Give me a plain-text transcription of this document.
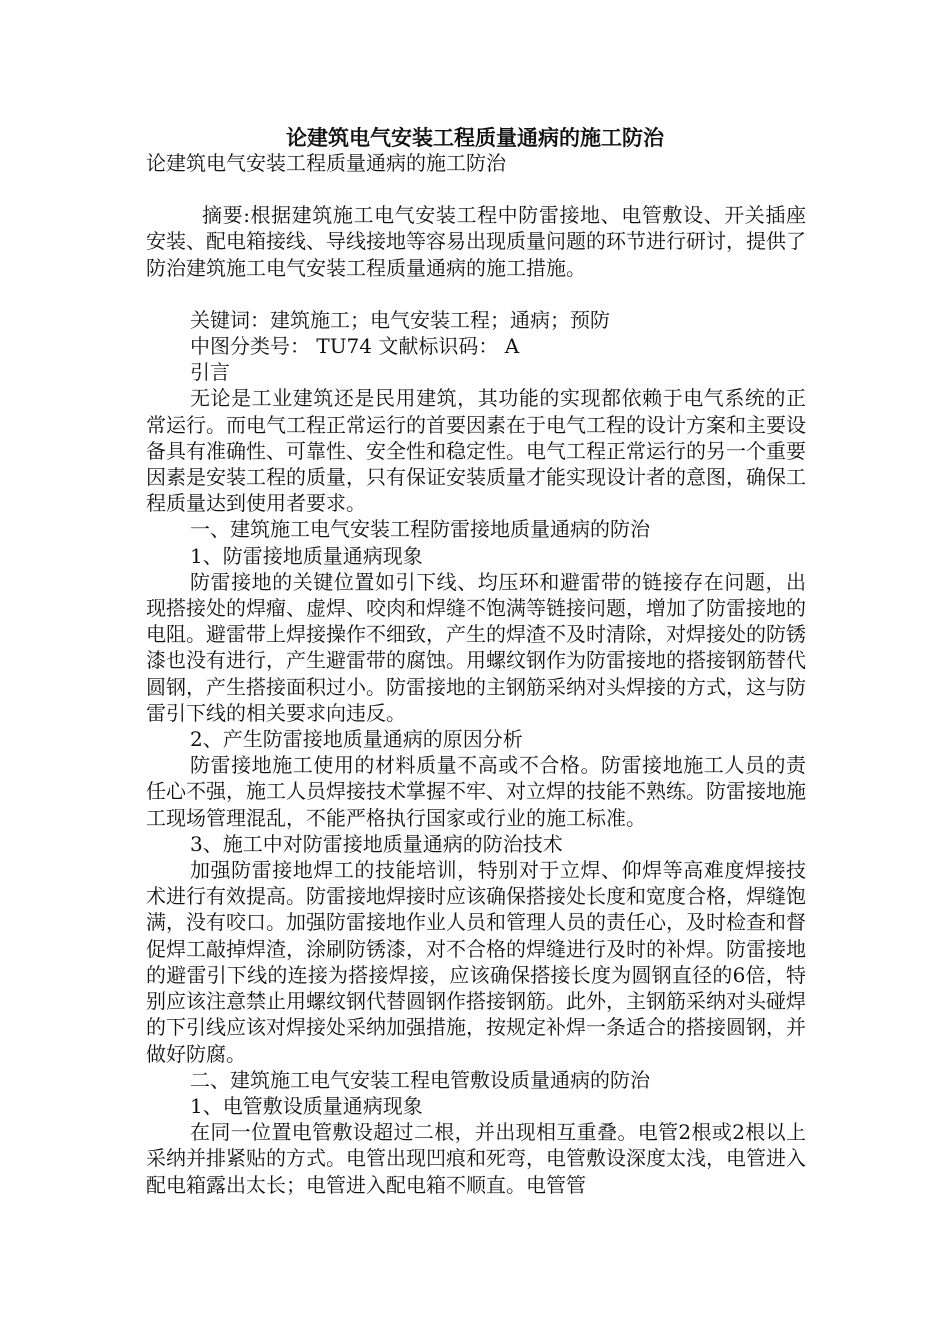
论建筑电气安装工程质量通病的施工防治

论建筑电气安装工程质量通病的施工防治

摘要:根据建筑施工电气安装工程中防雷接地、电管敷设、开关插座安装、配电箱接线、导线接地等容易出现质量问题的环节进行研讨，提供了防治建筑施工电气安装工程质量通病的施工措施。

关键词：建筑施工；电气安装工程；通病；预防

中图分类号： TU74 文献标识码： A

引言

无论是工业建筑还是民用建筑，其功能的实现都依赖于电气系统的正常运行。而电气工程正常运行的首要因素在于电气工程的设计方案和主要设备具有准确性、可靠性、安全性和稳定性。电气工程正常运行的另一个重要因素是安装工程的质量，只有保证安装质量才能实现设计者的意图，确保工程质量达到使用者要求。

一、建筑施工电气安装工程防雷接地质量通病的防治

1、防雷接地质量通病现象

防雷接地的关键位置如引下线、均压环和避雷带的链接存在问题，出现搭接处的焊瘤、虚焊、咬肉和焊缝不饱满等链接问题，增加了防雷接地的电阻。避雷带上焊接操作不细致，产生的焊渣不及时清除，对焊接处的防锈漆也没有进行，产生避雷带的腐蚀。用螺纹钢作为防雷接地的搭接钢筋替代圆钢，产生搭接面积过小。防雷接地的主钢筋采纳对头焊接的方式，这与防雷引下线的相关要求向违反。

2、产生防雷接地质量通病的原因分析

防雷接地施工使用的材料质量不高或不合格。防雷接地施工人员的责任心不强，施工人员焊接技术掌握不牢、对立焊的技能不熟练。防雷接地施工现场管理混乱，不能严格执行国家或行业的施工标准。

3、施工中对防雷接地质量通病的防治技术

加强防雷接地焊工的技能培训，特别对于立焊、仰焊等高难度焊接技术进行有效提高。防雷接地焊接时应该确保搭接处长度和宽度合格，焊缝饱满，没有咬口。加强防雷接地作业人员和管理人员的责任心，及时检查和督促焊工敲掉焊渣，涂刷防锈漆，对不合格的焊缝进行及时的补焊。防雷接地的避雷引下线的连接为搭接焊接，应该确保搭接长度为圆钢直径的6倍，特别应该注意禁止用螺纹钢代替圆钢作搭接钢筋。此外，主钢筋采纳对头碰焊的下引线应该对焊接处采纳加强措施，按规定补焊一条适合的搭接圆钢，并做好防腐。

二、建筑施工电气安装工程电管敷设质量通病的防治

1、电管敷设质量通病现象

在同一位置电管敷设超过二根，并出现相互重叠。电管2根或2根以上采纳并排紧贴的方式。电管出现凹痕和死弯，电管敷设深度太浅，电管进入配电箱露出太长；电管进入配电箱不顺直。电管管
